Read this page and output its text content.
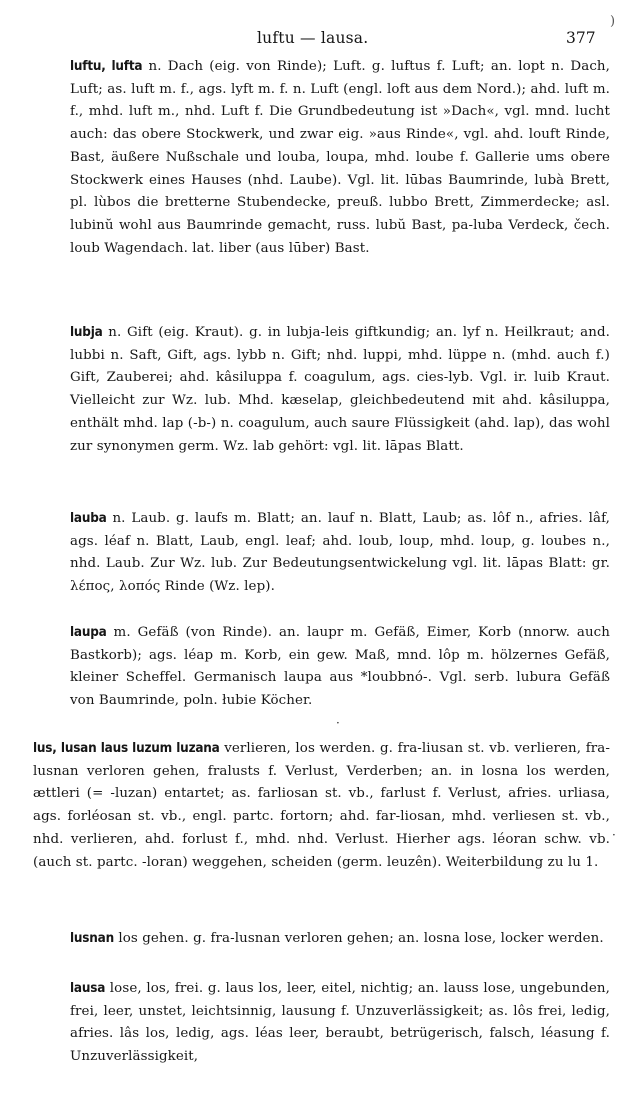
)
luftu — lausa.	377

luftu, lufta n. Dach (eig. von Rinde); Luft. g. luftus f. Luft; an. lopt n. Dach, Luft; as. luft m. f., ags. lyft m. f. n. Luft (engl. loft aus dem Nord.); ahd. luft m. f., mhd. luft m., nhd. Luft f. Die Grundbedeutung ist »Dach«, vgl. mnd. lucht auch: das obere Stockwerk, und zwar eig. »aus Rinde«, vgl. ahd. louft Rinde, Bast, äußere Nußschale und louba, loupa, mhd. loube f. Gallerie ums obere Stockwerk eines Hauses (nhd. Laube). Vgl. lit. lūbas Baumrinde, lubà Brett, pl. lùbos die bretterne Stubendecke, preuß. lubbo Brett, Zimmerdecke; asl. lubinŭ wohl aus Baumrinde gemacht, russ. lubŭ Bast, pa-luba Verdeck, čech. loub Wagendach. lat. liber (aus lūber) Bast.

lubja n. Gift (eig. Kraut). g. in lubja-leis giftkundig; an. lyf n. Heilkraut; and. lubbi n. Saft, Gift, ags. lybb n. Gift; nhd. luppi, mhd. lüppe n. (mhd. auch f.) Gift, Zauberei; ahd. kâsiluppa f. coagulum, ags. cies-lyb. Vgl. ir. luib Kraut. Vielleicht zur Wz. lub. Mhd. kæselap, gleichbedeutend mit ahd. kâsiluppa, enthält mhd. lap (-b-) n. coagulum, auch saure Flüssigkeit (ahd. lap), das wohl zur synonymen germ. Wz. lab gehört: vgl. lit. lāpas Blatt.

lauba n. Laub. g. laufs m. Blatt; an. lauf n. Blatt, Laub; as. lôf n., afries. lâf, ags. léaf n. Blatt, Laub, engl. leaf; ahd. loub, loup, mhd. loup, g. loubes n., nhd. Laub. Zur Wz. lub. Zur Bedeutungsentwickelung vgl. lit. lāpas Blatt: gr. λέπος, λοπός Rinde (Wz. lep).

laupa m. Gefäß (von Rinde). an. laupr m. Gefäß, Eimer, Korb (nnorw. auch Bastkorb); ags. léap m. Korb, ein gew. Maß, mnd. lôp m. hölzernes Gefäß, kleiner Scheffel. Germanisch laupa aus *loubbnó-. Vgl. serb. lubura Gefäß von Baumrinde, poln. łubie Köcher.

·

lus, lusan laus luzum luzana verlieren, los werden. g. fra-liusan st. vb. verlieren, fra-lusnan verloren gehen, fralusts f. Verlust, Verderben; an. in losna los werden, ættleri (= -luzan) entartet; as. farliosan st. vb., farlust f. Verlust, afries. urliasa, ags. forléosan st. vb., engl. partc. fortorn; ahd. far-liosan, mhd. verliesen st. vb., nhd. verlieren, ahd. forlust f., mhd. nhd. Verlust. Hierher ags. léoran schw. vb. (auch st. partc. -loran) weggehen, scheiden (germ. leuzên). Weiterbildung zu lu 1.

·

lusnan los gehen. g. fra-lusnan verloren gehen; an. losna lose, locker werden.

lausa lose, los, frei. g. laus los, leer, eitel, nichtig; an. lauss lose, ungebunden, frei, leer, unstet, leichtsinnig, lausung f. Unzuverlässigkeit; as. lôs frei, ledig, afries. lâs los, ledig, ags. léas leer, beraubt, betrügerisch, falsch, léasung f. Unzuverlässigkeit,
